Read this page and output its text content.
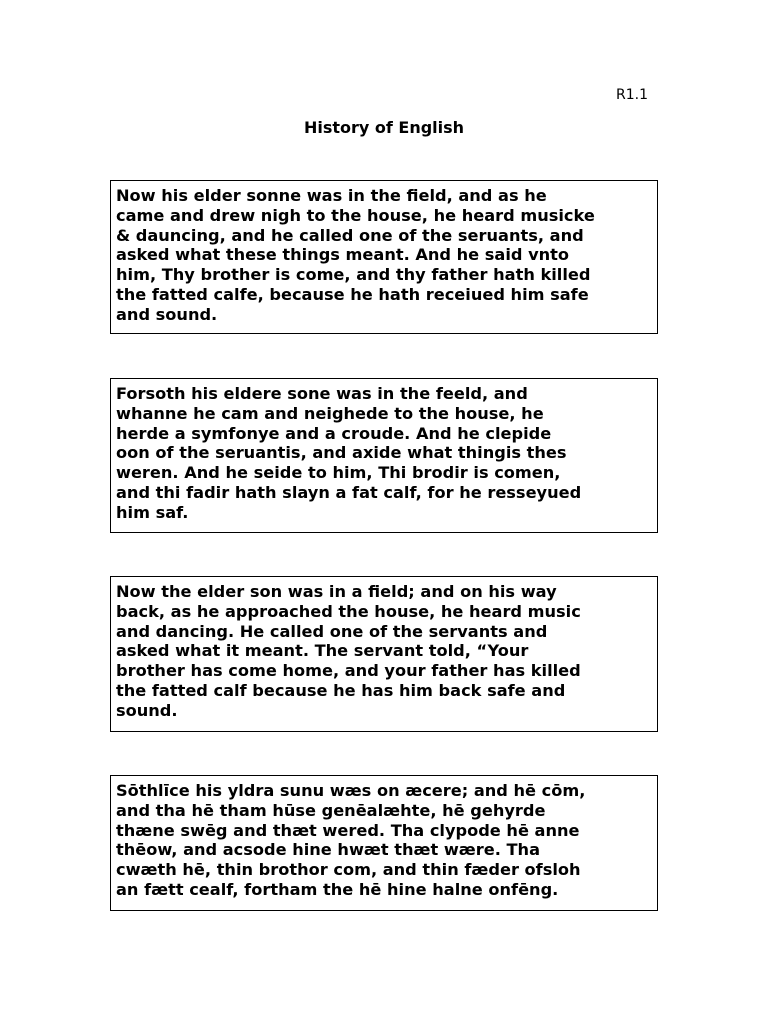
R1.1
History of English

Now his elder sonne was in the field, and as he

came and drew nigh to the house, he heard musicke

& dauncing, and he called one of the seruants, and

asked what these things meant. And he said vnto

him, Thy brother is come, and thy father hath killed

the fatted calfe, because he hath receiued him safe

and sound.

Forsoth his eldere sone was in the feeld, and

whanne he cam and neighede to the house, he

herde a symfonye and a croude. And he clepide

oon of the seruantis, and axide what thingis thes

weren. And he seide to him, Thi brodir is comen,

and thi fadir hath slayn a fat calf, for he resseyued

him saf.

Now the elder son was in a field; and on his way

back, as he approached the house, he heard music

and dancing. He called one of the servants and

asked what it meant. The servant told, “Your

brother has come home, and your father has killed

the fatted calf because he has him back safe and

sound.

Sōthlīce his yldra sunu wæs on æcere; and hē cōm,

and tha hē tham hūse genēalæhte, hē gehyrde

thæne swēg and thæt wered. Tha clypode hē anne

thēow, and acsode hine hwæt thæt wære. Tha

cwæth hē, thin brothor com, and thin fæder ofsloh

an fætt cealf, fortham the hē hine halne onfēng.
